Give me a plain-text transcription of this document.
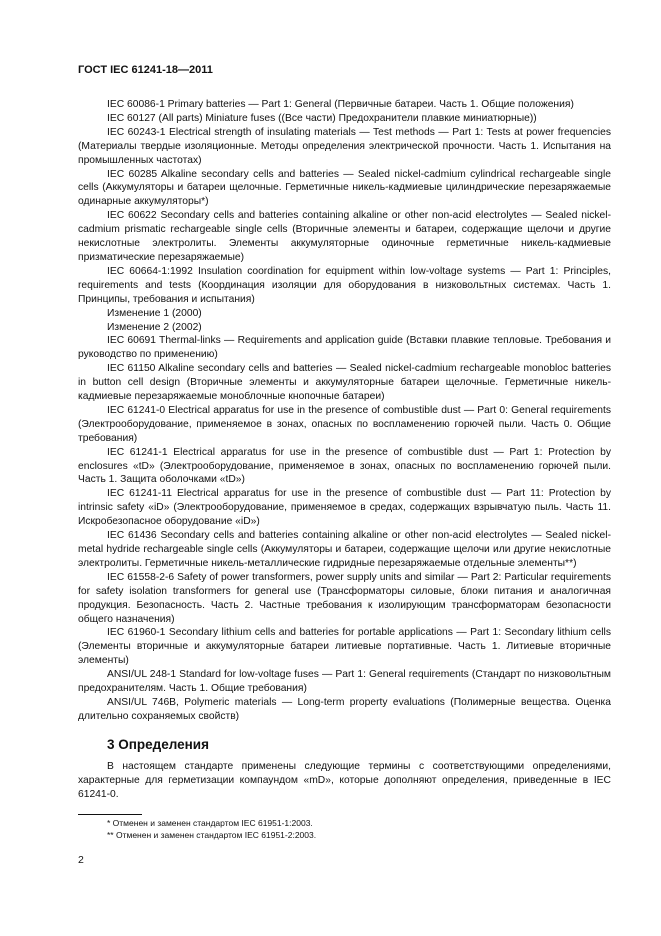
ГОСТ IEC 61241-18—2011

IEC 60086-1 Primary batteries — Part 1: General (Первичные батареи. Часть 1. Общие положения)

IEC 60127 (All parts) Miniature fuses ((Все части) Предохранители плавкие миниатюрные))

IEC 60243-1 Electrical strength of insulating materials — Test methods — Part 1: Tests at power frequencies (Материалы твердые изоляционные. Методы определения электрической прочности. Часть 1. Испытания на промышленных частотах)

IEC 60285 Alkaline secondary cells and batteries — Sealed nickel-cadmium cylindrical rechargeable single cells (Аккумуляторы и батареи щелочные. Герметичные никель-кадмиевые цилиндрические перезаряжаемые одинарные аккумуляторы*)

IEC 60622 Secondary cells and batteries containing alkaline or other non-acid electrolytes — Sealed nickel-cadmium prismatic rechargeable single cells (Вторичные элементы и батареи, содержащие щелочи и другие некислотные электролиты. Элементы аккумуляторные одиночные герметичные никель-кадмиевые призматические перезаряжаемые)

IEC 60664-1:1992 Insulation coordination for equipment within low-voltage systems — Part 1: Principles, requirements and tests (Координация изоляции для оборудования в низковольтных системах. Часть 1. Принципы, требования и испытания)

Изменение 1 (2000)

Изменение 2 (2002)

IEC 60691 Thermal-links — Requirements and application guide (Вставки плавкие тепловые. Требования и руководство по применению)

IEC 61150 Alkaline secondary cells and batteries — Sealed nickel-cadmium rechargeable monobloc batteries in button cell design (Вторичные элементы и аккумуляторные батареи щелочные. Герметичные никель-кадмиевые перезаряжаемые моноблочные кнопочные батареи)

IEC 61241-0 Electrical apparatus for use in the presence of combustible dust — Part 0: General requirements (Электрооборудование, применяемое в зонах, опасных по воспламенению горючей пыли. Часть 0. Общие требования)

IEC 61241-1 Electrical apparatus for use in the presence of combustible dust — Part 1: Protection by enclosures «tD» (Электрооборудование, применяемое в зонах, опасных по воспламенению горючей пыли. Часть 1. Защита оболочками «tD»)

IEC 61241-11 Electrical apparatus for use in the presence of combustible dust — Part 11: Protection by intrinsic safety «iD» (Электрооборудование, применяемое в средах, содержащих взрывчатую пыль. Часть 11. Искробезопасное оборудование «iD»)

IEC 61436 Secondary cells and batteries containing alkaline or other non-acid electrolytes — Sealed nickel-metal hydride rechargeable single cells (Аккумуляторы и батареи, содержащие щелочи или другие некислотные электролиты. Герметичные никель-металлические гидридные перезаряжаемые отдельные элементы**)

IEC 61558-2-6 Safety of power transformers, power supply units and similar — Part 2: Particular requirements for safety isolation transformers for general use (Трансформаторы силовые, блоки питания и аналогичная продукция. Безопасность. Часть 2. Частные требования к изолирующим трансформаторам безопасности общего назначения)

IEC 61960-1 Secondary lithium cells and batteries for portable applications — Part 1: Secondary lithium cells (Элементы вторичные и аккумуляторные батареи литиевые портативные. Часть 1. Литиевые вторичные элементы)

ANSI/UL 248-1 Standard for low-voltage fuses — Part 1: General requirements (Стандарт по низковольтным предохранителям. Часть 1. Общие требования)

ANSI/UL 746B, Polymeric materials — Long-term property evaluations (Полимерные вещества. Оценка длительно сохраняемых свойств)

3 Определения

В настоящем стандарте применены следующие термины с соответствующими определениями, характерные для герметизации компаундом «mD», которые дополняют определения, приведенные в IEC 61241-0.

* Отменен и заменен стандартом IEC 61951-1:2003.
** Отменен и заменен стандартом IEC 61951-2:2003.
2
